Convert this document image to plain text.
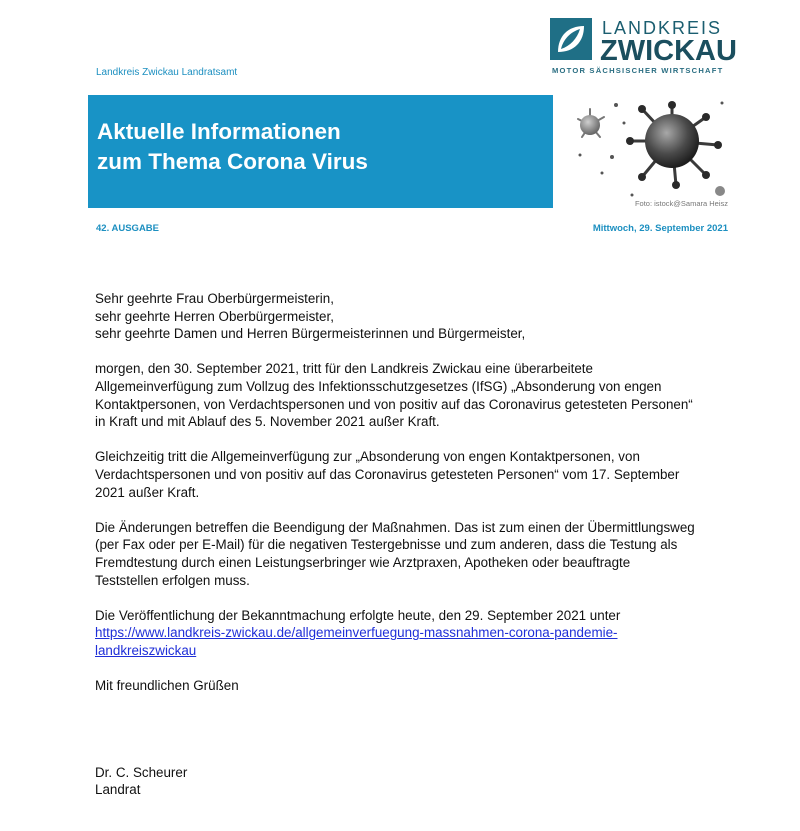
LANDKREIS
ZWICKAU
MOTOR SÄCHSISCHER WIRTSCHAFT
Landkreis Zwickau Landratsamt
Aktuelle Informationen
zum Thema Corona Virus
Foto: istock@Samara Heisz
42. AUSGABE	Mittwoch, 29. September 2021

Sehr geehrte Frau Oberbürgermeisterin,

sehr geehrte Herren Oberbürgermeister,

sehr geehrte Damen und Herren Bürgermeisterinnen und Bürgermeister,

morgen, den 30. September 2021, tritt für den Landkreis Zwickau eine überarbeitete Allgemeinverfügung zum Vollzug des Infektionsschutzgesetzes (IfSG) „Absonderung von engen Kontaktpersonen, von Verdachtspersonen und von positiv auf das Coronavirus getesteten Personen“ in Kraft und mit Ablauf des 5. November 2021 außer Kraft.

Gleichzeitig tritt die Allgemeinverfügung zur „Absonderung von engen Kontaktpersonen, von Verdachtspersonen und von positiv auf das Coronavirus getesteten Personen“ vom 17. September 2021 außer Kraft.

Die Änderungen betreffen die Beendigung der Maßnahmen. Das ist zum einen der Übermittlungsweg (per Fax oder per E-Mail) für die negativen Testergebnisse und zum anderen, dass die Testung als Fremdtestung durch einen Leistungserbringer wie Arztpraxen, Apotheken oder beauftragte Teststellen erfolgen muss.

Die Veröffentlichung der Bekanntmachung erfolgte heute, den 29. September 2021 unter
https://www.landkreis-zwickau.de/allgemeinverfuegung-massnahmen-corona-pandemie-landkreiszwickau

Mit freundlichen Grüßen

Dr. C. Scheurer
Landrat
